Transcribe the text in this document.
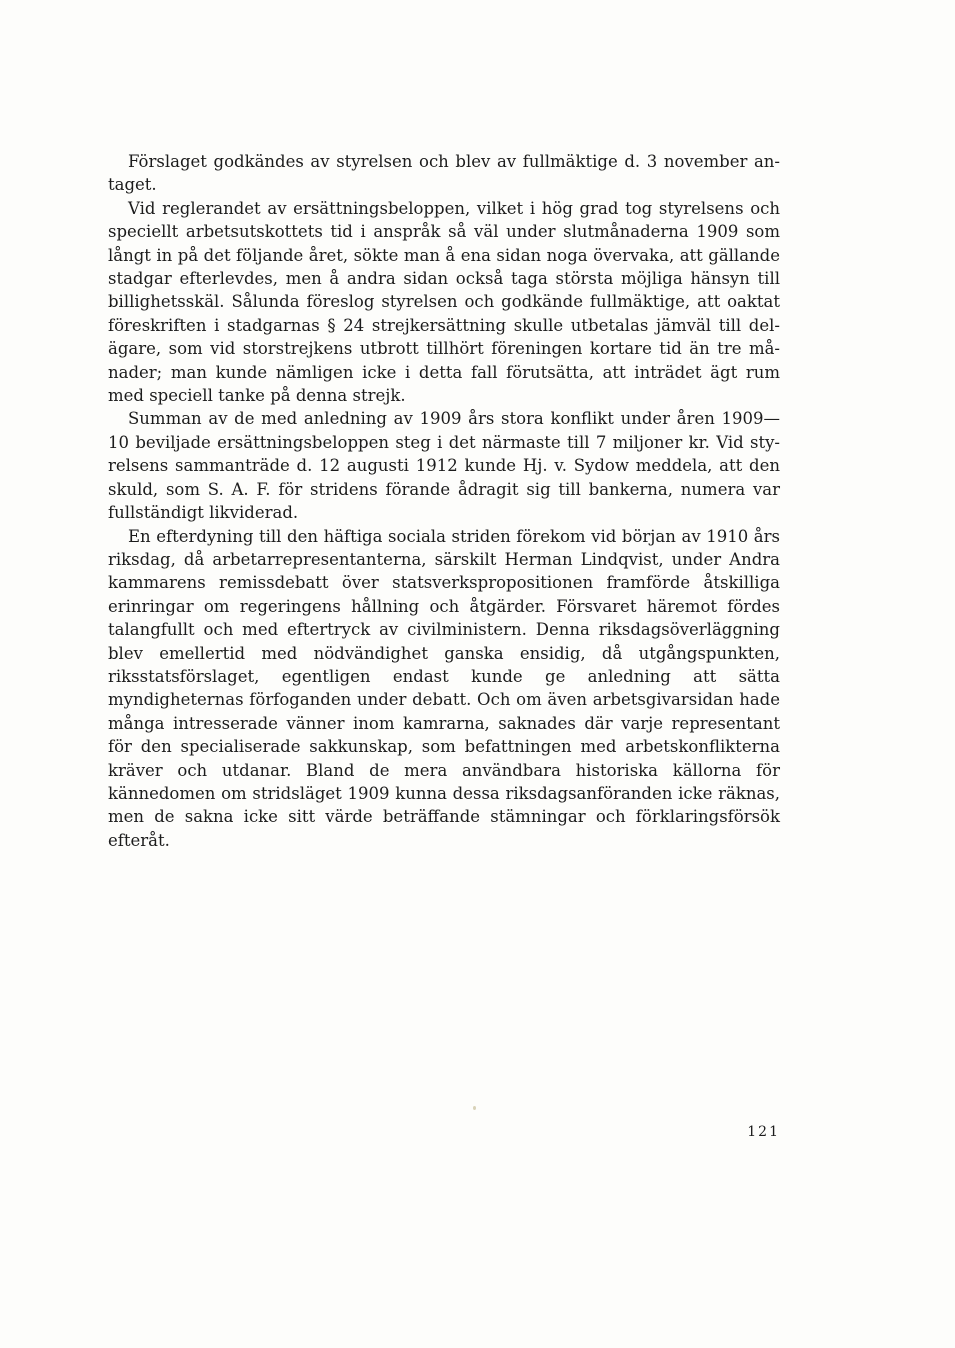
Förslaget godkändes av styrelsen och blev av fullmäktige d. 3 november antaget.

Vid reglerandet av ersättningsbeloppen, vilket i hög grad tog styrelsens och speciellt arbetsutskottets tid i anspråk så väl under slutmånaderna 1909 som långt in på det följande året, sökte man å ena sidan noga övervaka, att gällande stadgar efterlevdes, men å andra sidan också taga största möjliga hänsyn till billighetsskäl. Sålunda föreslog styrelsen och godkände fullmäktige, att oaktat föreskriften i stadgarnas § 24 strejkersättning skulle utbetalas jämväl till delägare, som vid storstrejkens utbrott tillhört föreningen kortare tid än tre månader; man kunde nämligen icke i detta fall förutsätta, att inträdet ägt rum med speciell tanke på denna strejk.

Summan av de med anledning av 1909 års stora konflikt under åren 1909—10 beviljade ersättningsbeloppen steg i det närmaste till 7 miljoner kr. Vid styrelsens sammanträde d. 12 augusti 1912 kunde Hj. v. Sydow meddela, att den skuld, som S. A. F. för stridens förande ådragit sig till bankerna, numera var fullständigt likviderad.

En efterdyning till den häftiga sociala striden förekom vid början av 1910 års riksdag, då arbetarrepresentanterna, särskilt Herman Lindqvist, under Andra kammarens remissdebatt över statsverkspropositionen framförde åtskilliga erinringar om regeringens hållning och åtgärder. Försvaret häremot fördes talangfullt och med eftertryck av civilministern. Denna riksdagsöverläggning blev emellertid med nödvändighet ganska ensidig, då utgångspunkten, riksstatsförslaget, egentligen endast kunde ge anledning att sätta myndigheternas förfoganden under debatt. Och om även arbetsgivarsidan hade många intresserade vänner inom kamrarna, saknades där varje representant för den specialiserade sakkunskap, som befattningen med arbetskonflikterna kräver och utdanar. Bland de mera användbara historiska källorna för kännedomen om stridsläget 1909 kunna dessa riksdagsanföranden icke räknas, men de sakna icke sitt värde beträffande stämningar och förklaringsförsök efteråt.

121
